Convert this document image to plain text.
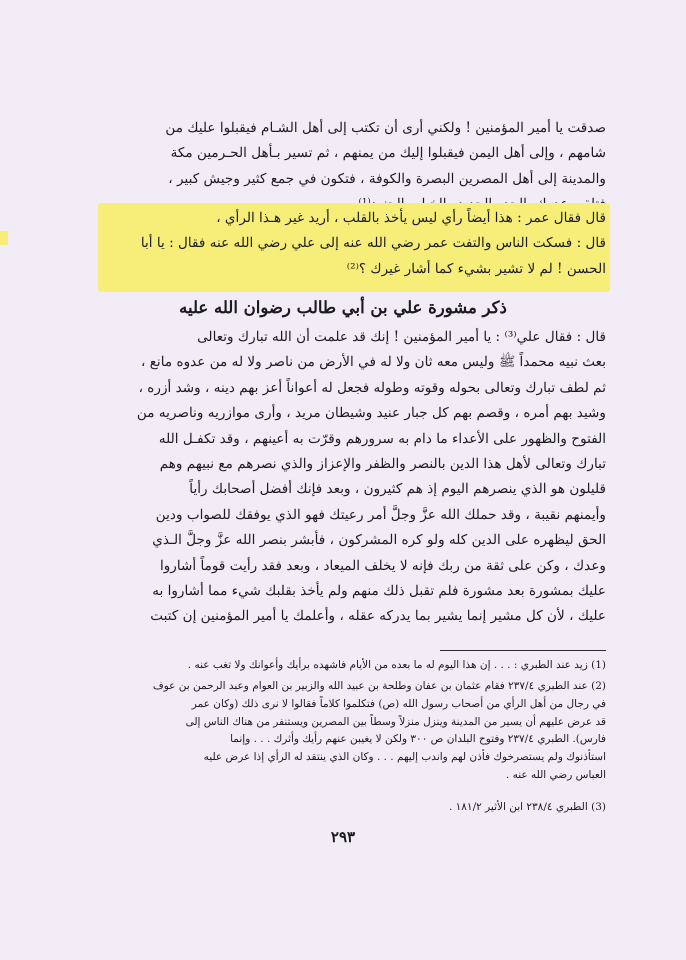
صدقت يا أمير المؤمنين ! ولكني أرى أن تكتب إلى أهل الشـام فيقبلوا عليك من
شامهم ، وإلى أهل اليمن فيقبلوا إليك من يمنهم ، ثم تسير بـأهل الحـرمين مكة
والمدينة إلى أهل المصرين البصرة والكوفة ، فتكون في جمع كثير وجيش كبير ،
قال فقال عمر : هذا أيضاً رأي ليس يأخذ بالقلب ، أريد غير هـذا الرأي ،
قال : فسكت الناس والتفت عمر رضي الله عنه إلى علي رضي الله عنه فقال : يا أبا
الحسن ! لم لا تشير بشيء كما أشار غيرك ؟⁽²⁾
ذكر مشورة علي بن أبي طالب رضوان الله عليه
قال : فقال علي⁽³⁾ : يا أمير المؤمنين ! إنك قد علمت أن الله تبارك وتعالى
بعث نبيه محمداً ﷺ وليس معه ثان ولا له في الأرض من ناصر ولا له من عدوه مانع ،
ثم لطف تبارك وتعالى بحوله وقوته وطوله فجعل له أعواناً أعز بهم دينه ، وشد أزره ،
وشيد بهم أمره ، وقصم بهم كل جبار عنيد وشيطان مريد ، وأرى موازريه وناصريه من
الفتوح والظهور على الأعداء ما دام به سرورهم وقرّت به أعينهم ، وقد تكفـل الله
تبارك وتعالى لأهل هذا الدين بالنصر والظفر والإعزاز والذي نصرهم مع نبيهم وهم
قليلون هو الذي ينصرهم اليوم إذ هم كثيرون ، وبعد فإنك أفضل أصحابك رأياً
وأيمنهم نقيبة ، وقد حملك الله عزَّ وجلَّ أمر رعيتك فهو الذي يوفقك للصواب ودين
الحق ليظهره على الدين كله ولو كره المشركون ، فأبشر بنصر الله عزَّ وجلَّ الـذي
وعدك ، وكن على ثقة من ربك فإنه لا يخلف الميعاد ، وبعد فقد رأيت قوماً أشاروا
عليك بمشورة بعد مشورة فلم تقبل ذلك منهم ولم يأخذ بقلبك شيء مما أشاروا به
عليك ، لأن كل مشير إنما يشير بما يدركه عقله ، وأعلمك يا أمير المؤمنين إن كتبت
(1) زيد عند الطبري : . . . إن هذا اليوم له ما بعده من الأيام فاشهده برأيك وأعوانك ولا تغب عنه .
(2) عند الطبري ٢٣٧/٤ فقام عثمان بن عفان وطلحة بن عبيد الله والزبير بن العوام وعبد الرحمن بن عوف
في رجال من أهل الرأي من أصحاب رسول الله (ص) فتكلموا كلاماً فقالوا لا نرى ذلك (وكان عمر
قد عرض عليهم أن يسير من المدينة وينزل منزلاً وسطاً بين المصرين ويستنفر من هناك الناس إلى
فارس). الطبري ٢٣٧/٤ وفتوح البلدان ص ٣٠٠ ولكن لا يغيبن عنهم رأيك وأثرك . . . وإنما
استأذنوك ولم يستصرخوك فأذن لهم واندب إليهم . . . وكان الذي ينتقد له الرأي إذا عرض عليه
العباس رضي الله عنه .
(3) الطبري ٢٣٨/٤ ابن الأثير ١٨١/٢ .
٢٩٣
